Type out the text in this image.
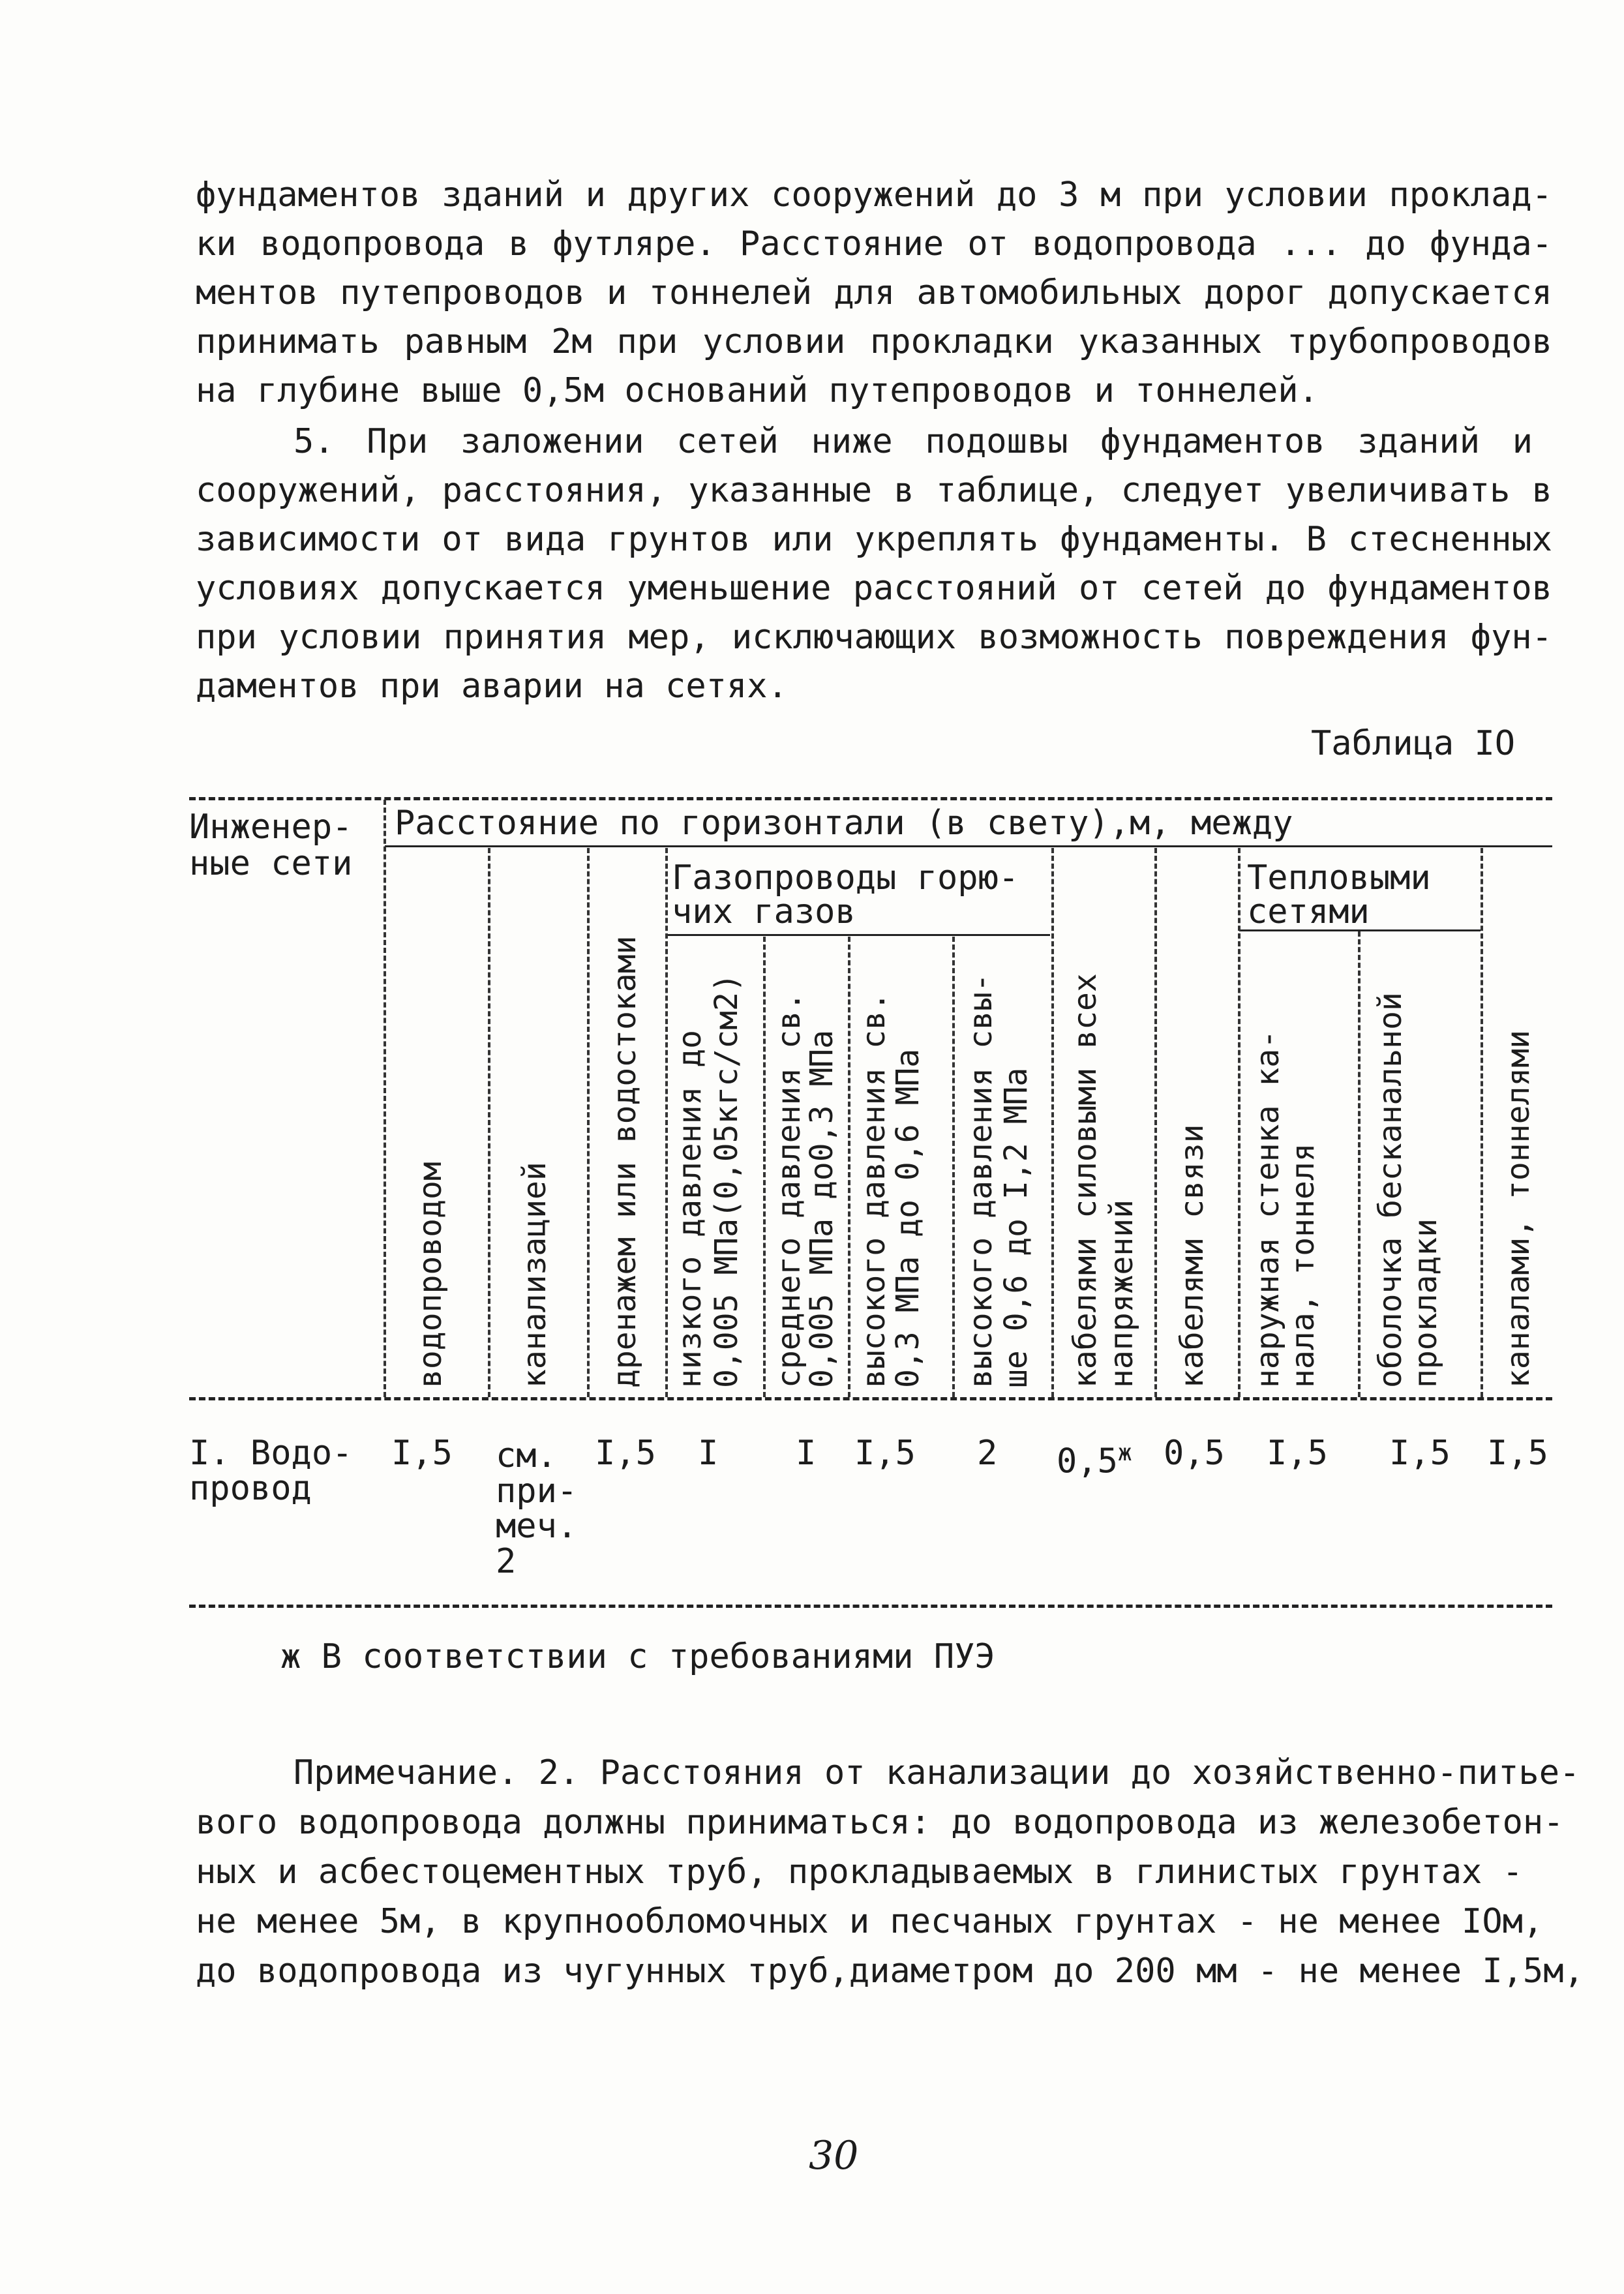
фундаментов зданий и других сооружений до 3 м при условии проклад-
ки водопровода в футляре. Расстояние от водопровода ... до фунда-
ментов путепроводов и тоннелей для автомобильных дорог допускается
принимать равным 2м при условии прокладки указанных трубопроводов
на глубине выше 0,5м оснований путепроводов и тоннелей.
5. При заложении сетей ниже подошвы фундаментов зданий и
сооружений, расстояния, указанные в таблице, следует увеличивать в
зависимости от вида грунтов или укреплять фундаменты. В стесненных
условиях допускается уменьшение расстояний от сетей до фундаментов
при условии принятия мер, исключающих возможность повреждения фун-
даментов при аварии на сетях.
Таблица IO
Инженер-
ные сети
Расстояние по горизонтали (в свету),м, между
Газопроводы горю-
чих газов
Тепловыми
сетями
водопроводом канализацией дренажем или водостоками низкого давления до 0,005 МПа(0,05кгс/см2) среднего давления св.
0,005 МПа до0,3 МПа высокого давления св.
0,3 МПа до 0,6 МПа высокого давления свы-
ше 0,6 до I,2 МПа кабелями силовыми всех напряжений кабелями связи наружная стенка ка-
нала, тоннеля оболочка бесканальной
прокладки каналами, тоннелями
I. Водо-
провод
I,5 см.
при-
меч.
2
I,5 I I I,5 2 $0,5^ж$ 0,5 I,5 I,5 I,5
ж В соответствии с требованиями ПУЭ
Примечание. 2. Расстояния от канализации до хозяйственно-питье-
вого водопровода должны приниматься: до водопровода из железобетон-
ных и асбестоцементных труб, прокладываемых в глинистых грунтах -
не менее 5м, в крупнообломочных и песчаных грунтах - не менее IOм,
до водопровода из чугунных труб,диаметром до 200 мм - не менее I,5м,
30
